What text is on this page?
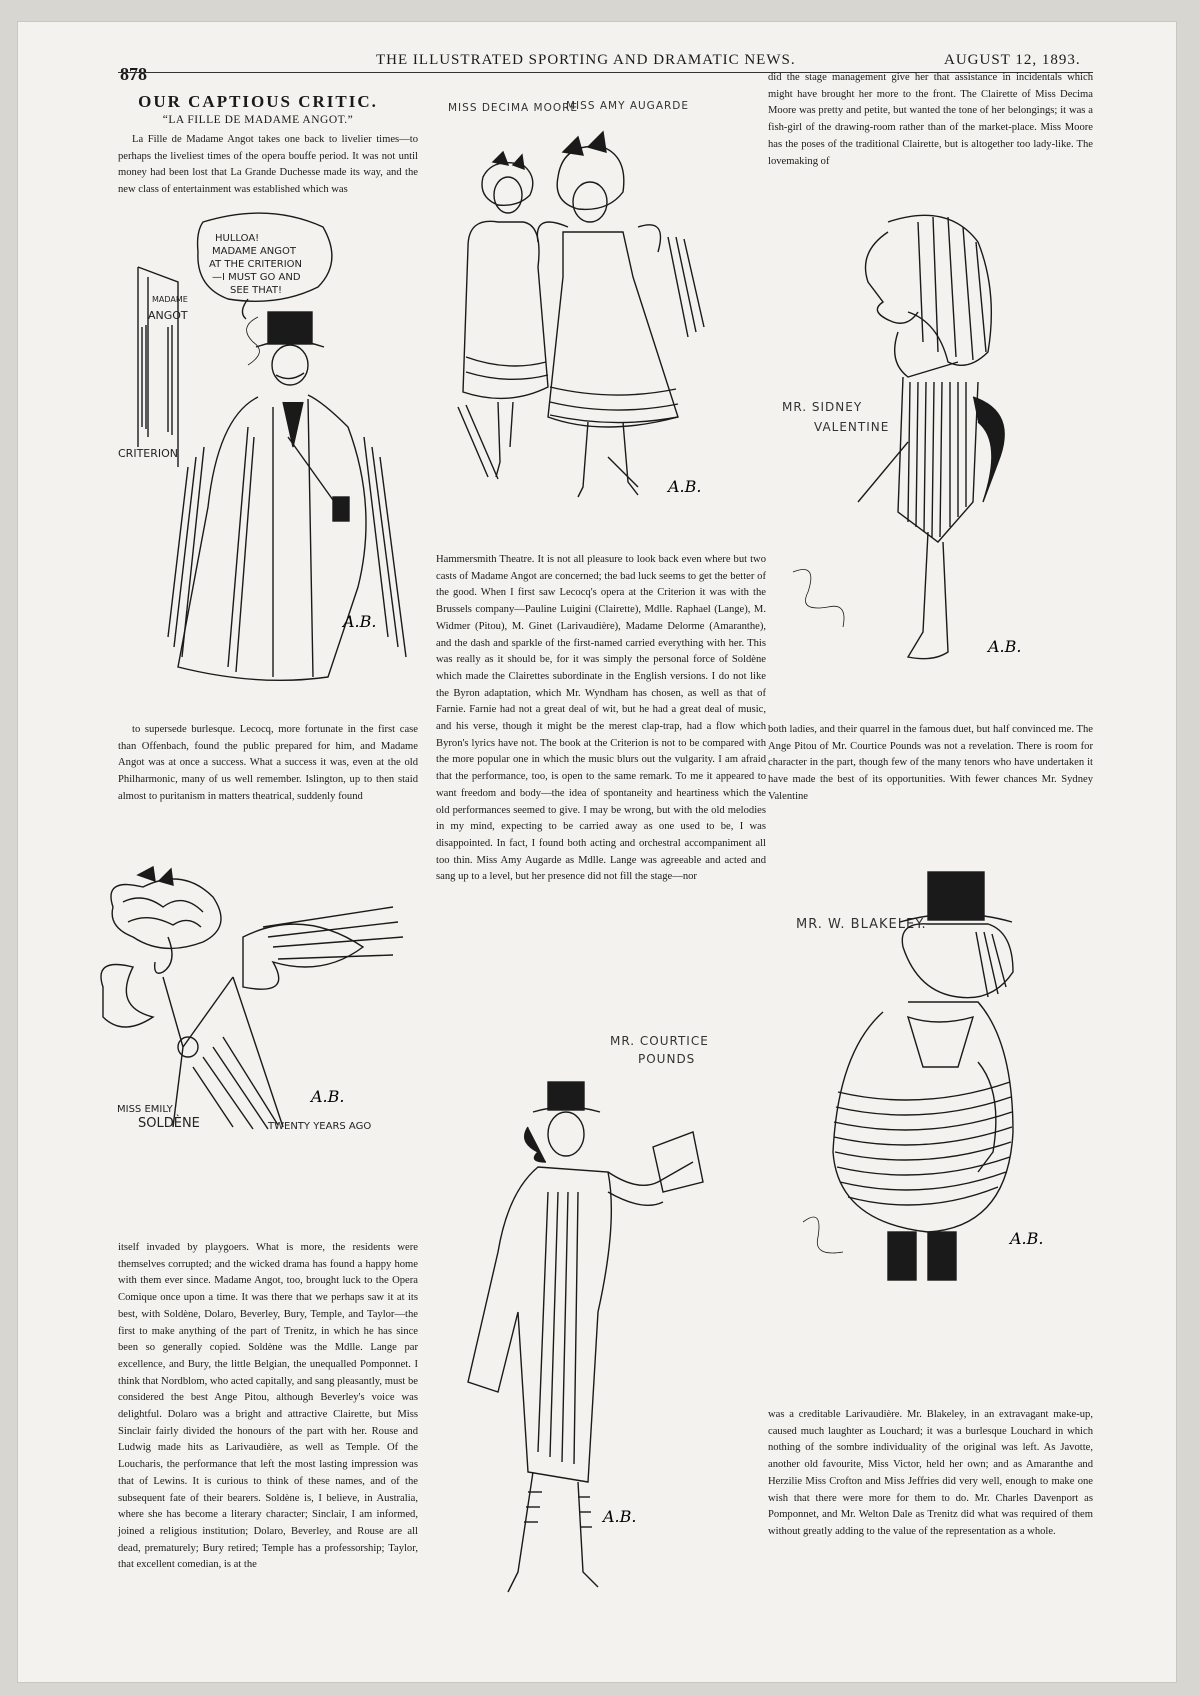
878
THE ILLUSTRATED SPORTING AND DRAMATIC NEWS.	AUGUST 12, 1893.
OUR CAPTIOUS CRITIC.
“LA FILLE DE MADAME ANGOT.”

La Fille de Madame Angot takes one back to livelier times—to perhaps the liveliest times of the opera bouffe period. It was not until money had been lost that La Grande Duchesse made its way, and the new class of entertainment was established which was

HULLOA!
MADAME ANGOT
AT THE CRITERION
—I MUST GO AND
SEE THAT!
MADAME
ANGOT
CRITERION
A.B.

to supersede burlesque. Lecocq, more fortunate in the first case than Offenbach, found the public prepared for him, and Madame Angot was at once a success. What a success it was, even at the old Philharmonic, many of us well remember. Islington, up to then staid almost to puritanism in matters theatrical, suddenly found

MISS EMILY
SOLDÈNE	TWENTY YEARS AGO
A.B.

itself invaded by playgoers. What is more, the residents were themselves corrupted; and the wicked drama has found a happy home with them ever since. Madame Angot, too, brought luck to the Opera Comique once upon a time. It was there that we perhaps saw it at its best, with Soldène, Dolaro, Beverley, Bury, Temple, and Taylor—the first to make anything of the part of Trenitz, in which he has since been so generally copied. Soldène was the Mdlle. Lange par excellence, and Bury, the little Belgian, the unequalled Pomponnet. I think that Nordblom, who acted capitally, and sang pleasantly, must be considered the best Ange Pitou, although Beverley's voice was delightful. Dolaro was a bright and attractive Clairette, but Miss Sinclair fairly divided the honours of the part with her. Rouse and Ludwig made hits as Larivaudière, as well as Temple. Of the Loucharis, the performance that left the most lasting impression was that of Lewins. It is curious to think of these names, and of the subsequent fate of their bearers. Soldène is, I believe, in Australia, where she has become a literary character; Sinclair, I am informed, joined a religious institution; Dolaro, Beverley, and Rouse are all dead, prematurely; Bury retired; Temple has a professorship; Taylor, that excellent comedian, is at the

MISS DECIMA MOORE
MISS AMY AUGARDE
A.B.

Hammersmith Theatre. It is not all pleasure to look back even where but two casts of Madame Angot are concerned; the bad luck seems to get the better of the good. When I first saw Lecocq's opera at the Criterion it was with the Brussels company—Pauline Luigini (Clairette), Mdlle. Raphael (Lange), M. Widmer (Pitou), M. Ginet (Larivaudière), Madame Delorme (Amaranthe), and the dash and sparkle of the first-named carried everything with her. This was really as it should be, for it was simply the personal force of Soldène which made the Clairettes subordinate in the English versions. I do not like the Byron adaptation, which Mr. Wyndham has chosen, as well as that of Farnie. Farnie had not a great deal of wit, but he had a great deal of music, and his verse, though it might be the merest clap-trap, had a flow which Byron's lyrics have not. The book at the Criterion is not to be compared with the more popular one in which the music blurs out the vulgarity. I am afraid that the performance, too, is open to the same remark. To me it appeared to want freedom and body—the idea of spontaneity and heartiness which the old performances seemed to give. I may be wrong, but with the old melodies in my mind, expecting to be carried away as one used to be, I was disappointed. In fact, I found both acting and orchestral accompaniment all too thin. Miss Amy Augarde as Mdlle. Lange was agreeable and acted and sang up to a level, but her presence did not fill the stage—nor

MR. COURTICE
POUNDS
A.B.

did the stage management give her that assistance in incidentals which might have brought her more to the front. The Clairette of Miss Decima Moore was pretty and petite, but wanted the tone of her belongings; it was a fish-girl of the drawing-room rather than of the market-place. Miss Moore has the poses of the traditional Clairette, but is altogether too lady-like. The lovemaking of

MR. SIDNEY
VALENTINE
A.B.

both ladies, and their quarrel in the famous duet, but half convinced me. The Ange Pitou of Mr. Courtice Pounds was not a revelation. There is room for character in the part, though few of the many tenors who have undertaken it have made the best of its opportunities. With fewer chances Mr. Sydney Valentine

MR. W. BLAKELEY.
A.B.

was a creditable Larivaudière. Mr. Blakeley, in an extravagant make-up, caused much laughter as Louchard; it was a burlesque Louchard in which nothing of the sombre individuality of the original was left. As Javotte, another old favourite, Miss Victor, held her own; and as Amaranthe and Herzilie Miss Crofton and Miss Jeffries did very well, enough to make one wish that there were more for them to do. Mr. Charles Davenport as Pomponnet, and Mr. Welton Dale as Trenitz did what was required of them without greatly adding to the value of the representation as a whole.
